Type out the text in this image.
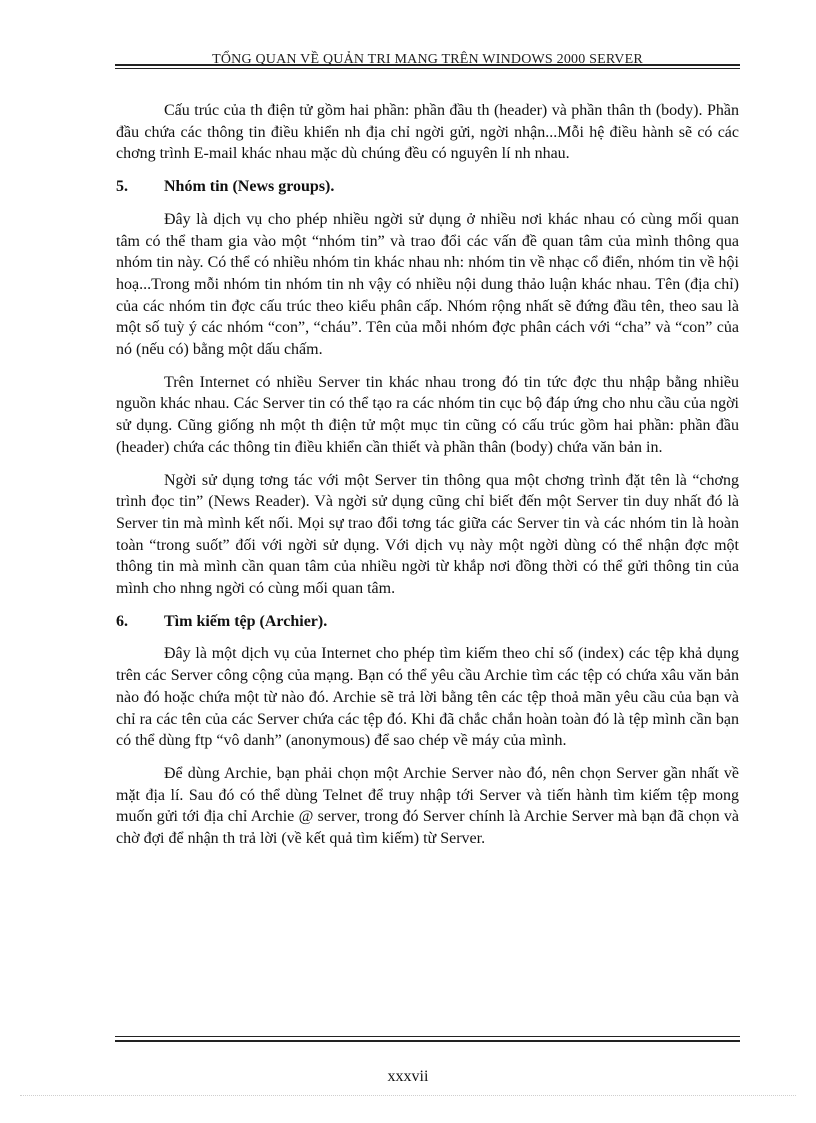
TỔNG QUAN VỀ QUẢN TRỊ MẠNG TRÊN WINDOWS 2000 SERVER

Cấu trúc của th điện tử gồm hai phần: phần đầu th (header) và phần thân th (body). Phần đầu chứa các thông tin điều khiển nh địa chỉ ngời gửi, ngời nhận...Mỗi hệ điều hành sẽ có các chơng trình E-mail khác nhau mặc dù chúng đều có nguyên lí nh nhau.

5.	Nhóm tin (News groups).

Đây là dịch vụ cho phép nhiều ngời sử dụng ở nhiều nơi khác nhau có cùng mối quan tâm có thể tham gia vào một “nhóm tin” và trao đổi các vấn đề quan tâm của mình thông qua nhóm tin này. Có thể có nhiều nhóm tin khác nhau nh: nhóm tin về nhạc cổ điển, nhóm tin về hội hoạ...Trong mỗi nhóm tin nhóm tin nh vậy có nhiều nội dung thảo luận khác nhau. Tên (địa chỉ) của các nhóm tin đợc cấu trúc theo kiểu phân cấp. Nhóm rộng nhất sẽ đứng đầu tên, theo sau là một số tuỳ ý các nhóm “con”, “cháu”. Tên của mỗi nhóm đợc phân cách với “cha” và “con” của nó (nếu có) bằng một dấu chấm.

Trên Internet có nhiều Server tin khác nhau trong đó tin tức đợc thu nhập bằng nhiều nguồn khác nhau. Các Server tin có thể tạo ra các nhóm tin cục bộ đáp ứng cho nhu cầu của ngời sử dụng. Cũng giống nh một th điện tử một mục tin cũng có cấu trúc gồm hai phần: phần đầu (header) chứa các thông tin điều khiển cần thiết và phần thân (body) chứa văn bản in.

Ngời sử dụng tơng tác với một Server tin thông qua một chơng trình đặt tên là “chơng trình đọc tin” (News Reader). Và ngời sử dụng cũng chỉ biết đến một Server tin duy nhất đó là Server tin mà mình kết nối. Mọi sự trao đổi tơng tác giữa các Server tin và các nhóm tin là hoàn toàn “trong suốt” đối với ngời sử dụng. Với dịch vụ này một ngời dùng có thể nhận đợc một thông tin mà mình cần quan tâm của nhiều ngời từ khắp nơi đồng thời có thể gửi thông tin của mình cho nhng ngời có cùng mối quan tâm.

6.	Tìm kiếm tệp (Archier).

Đây là một dịch vụ của Internet cho phép tìm kiếm theo chỉ số (index) các tệp khả dụng trên các Server công cộng của mạng. Bạn có thể yêu cầu Archie tìm các tệp có chứa xâu văn bản nào đó hoặc chứa một từ nào đó. Archie sẽ trả lời bằng tên các tệp thoả mãn yêu cầu của bạn và chỉ ra các tên của các Server chứa các tệp đó. Khi đã chắc chắn hoàn toàn đó là tệp mình cần bạn có thể dùng ftp “vô danh” (anonymous) để sao chép về máy của mình.

Để dùng Archie, bạn phải chọn một Archie Server nào đó, nên chọn Server gần nhất về mặt địa lí. Sau đó có thể dùng Telnet để truy nhập tới Server và tiến hành tìm kiếm tệp mong muốn gửi tới địa chỉ Archie @ server, trong đó Server chính là Archie Server mà bạn đã chọn và chờ đợi để nhận th trả lời (về kết quả tìm kiếm) từ Server.

xxxvii
